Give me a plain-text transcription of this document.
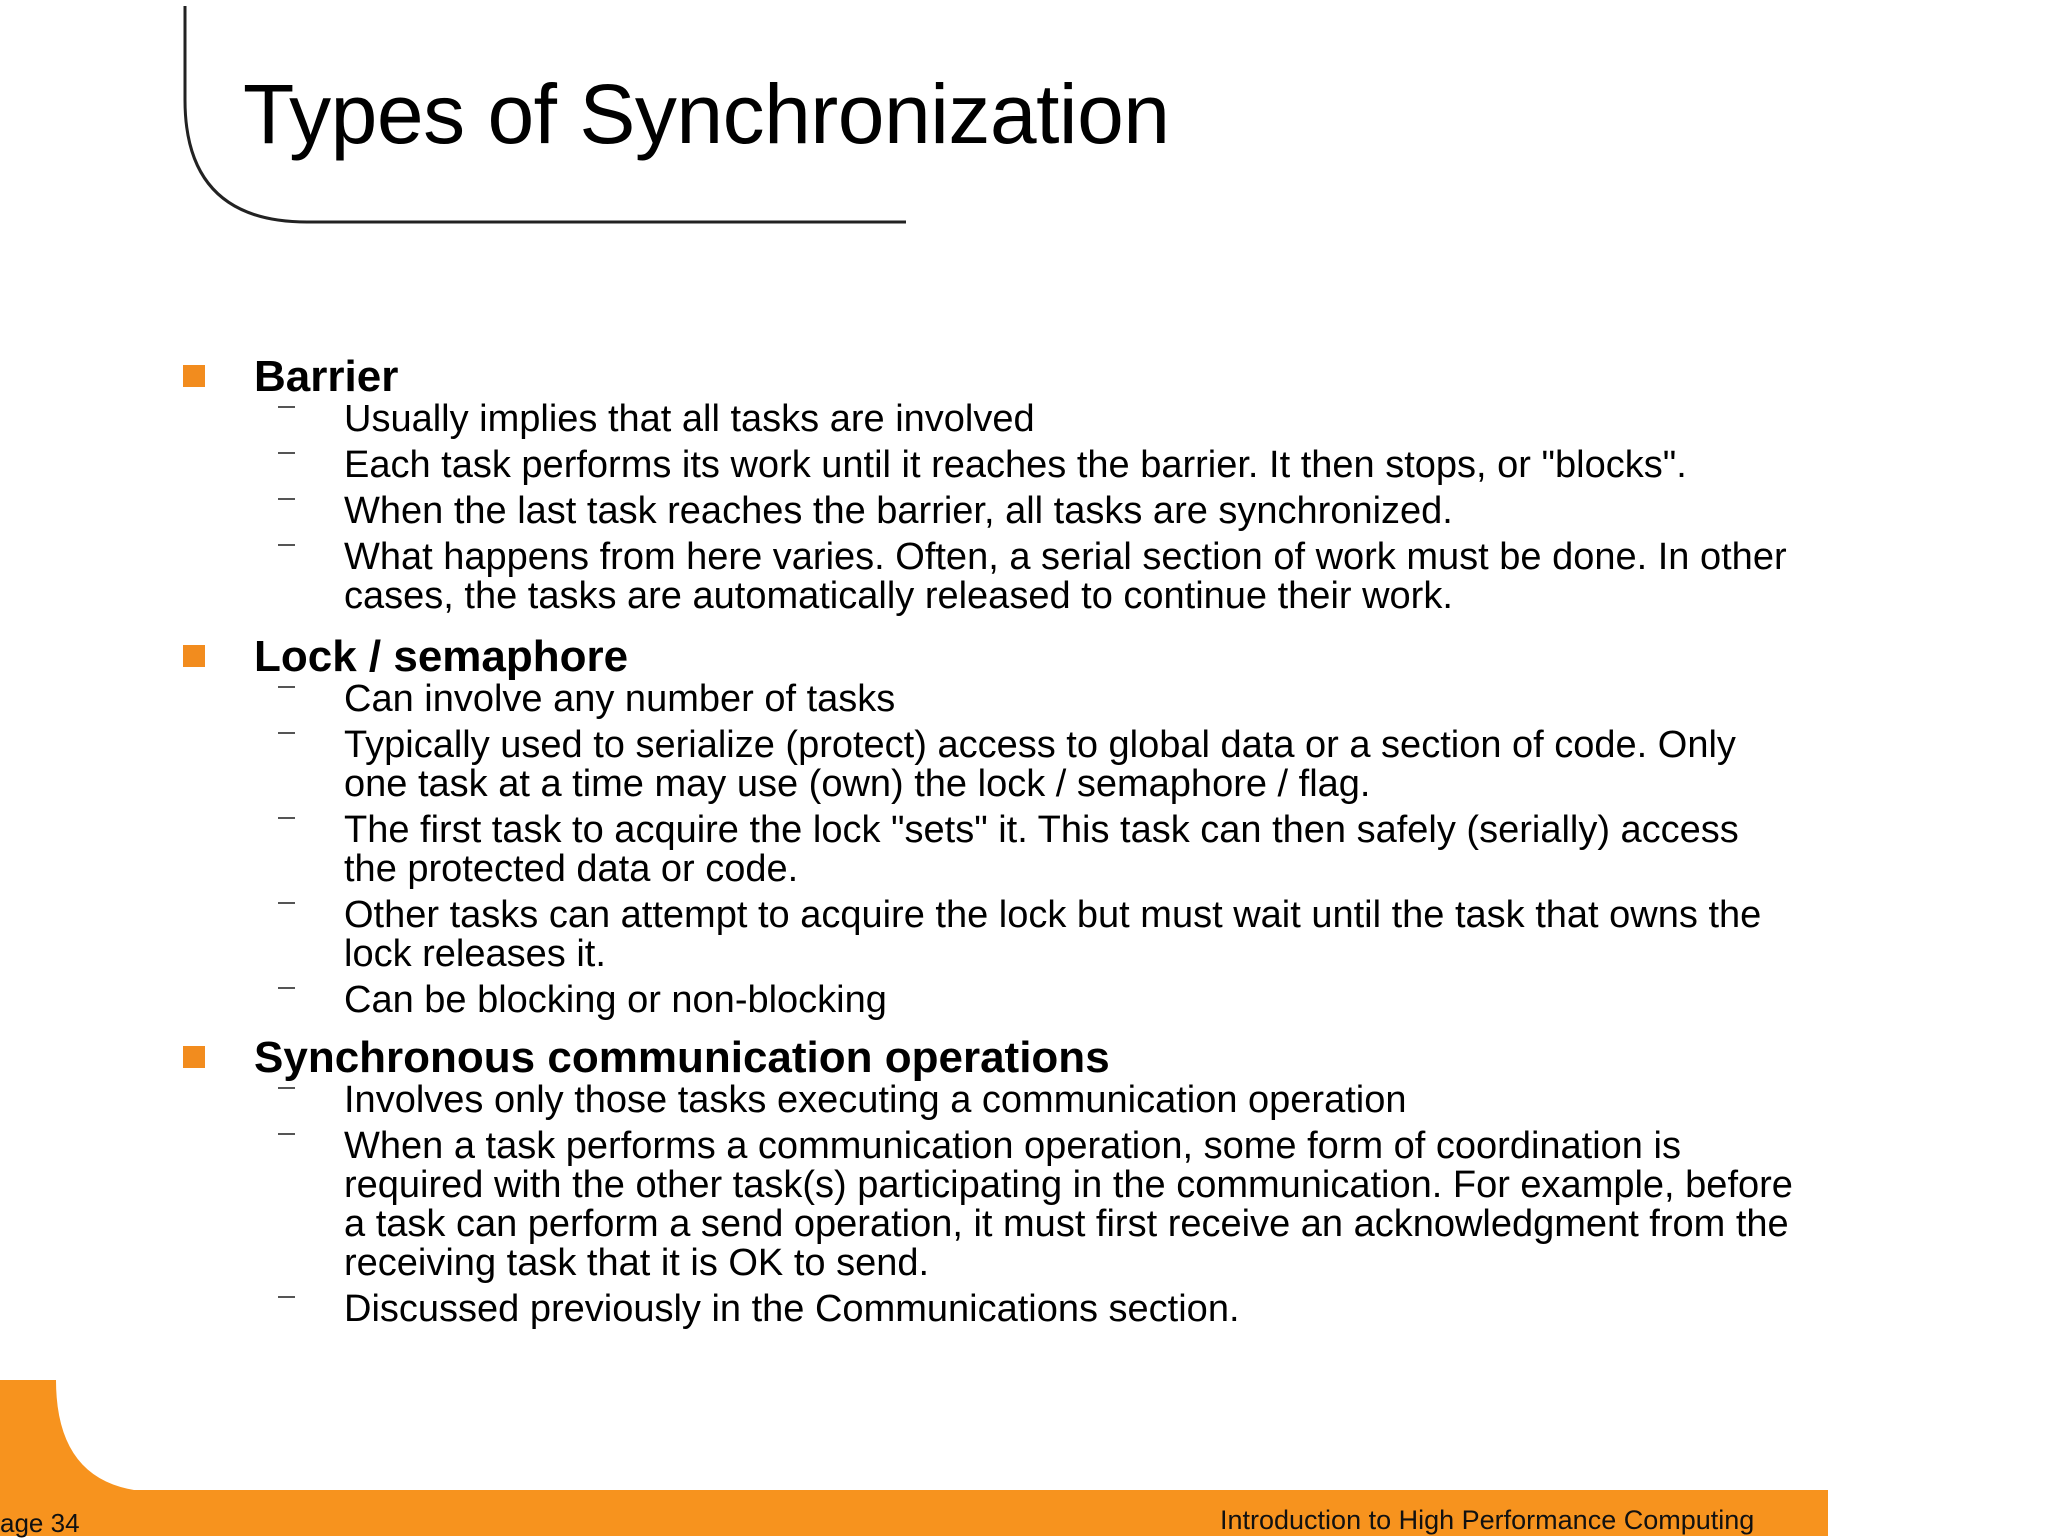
Types of Synchronization
Barrier
Usually implies that all tasks are involved
Each task performs its work until it reaches the barrier. It then stops, or "blocks".
When the last task reaches the barrier, all tasks are synchronized.
What happens from here varies. Often, a serial section of work must be done. In other
cases, the tasks are automatically released to continue their work.
Lock / semaphore
Can involve any number of tasks
Typically used to serialize (protect) access to global data or a section of code. Only
one task at a time may use (own) the lock / semaphore / flag.
The first task to acquire the lock "sets" it. This task can then safely (serially) access
the protected data or code.
Other tasks can attempt to acquire the lock but must wait until the task that owns the
lock releases it.
Can be blocking or non-blocking
Synchronous communication operations
Involves only those tasks executing a communication operation
When a task performs a communication operation, some form of coordination is
required with the other task(s) participating in the communication. For example, before
a task can perform a send operation, it must first receive an acknowledgment from the
receiving task that it is OK to send.
Discussed previously in the Communications section.
age 34	Introduction to High Performance Computing
